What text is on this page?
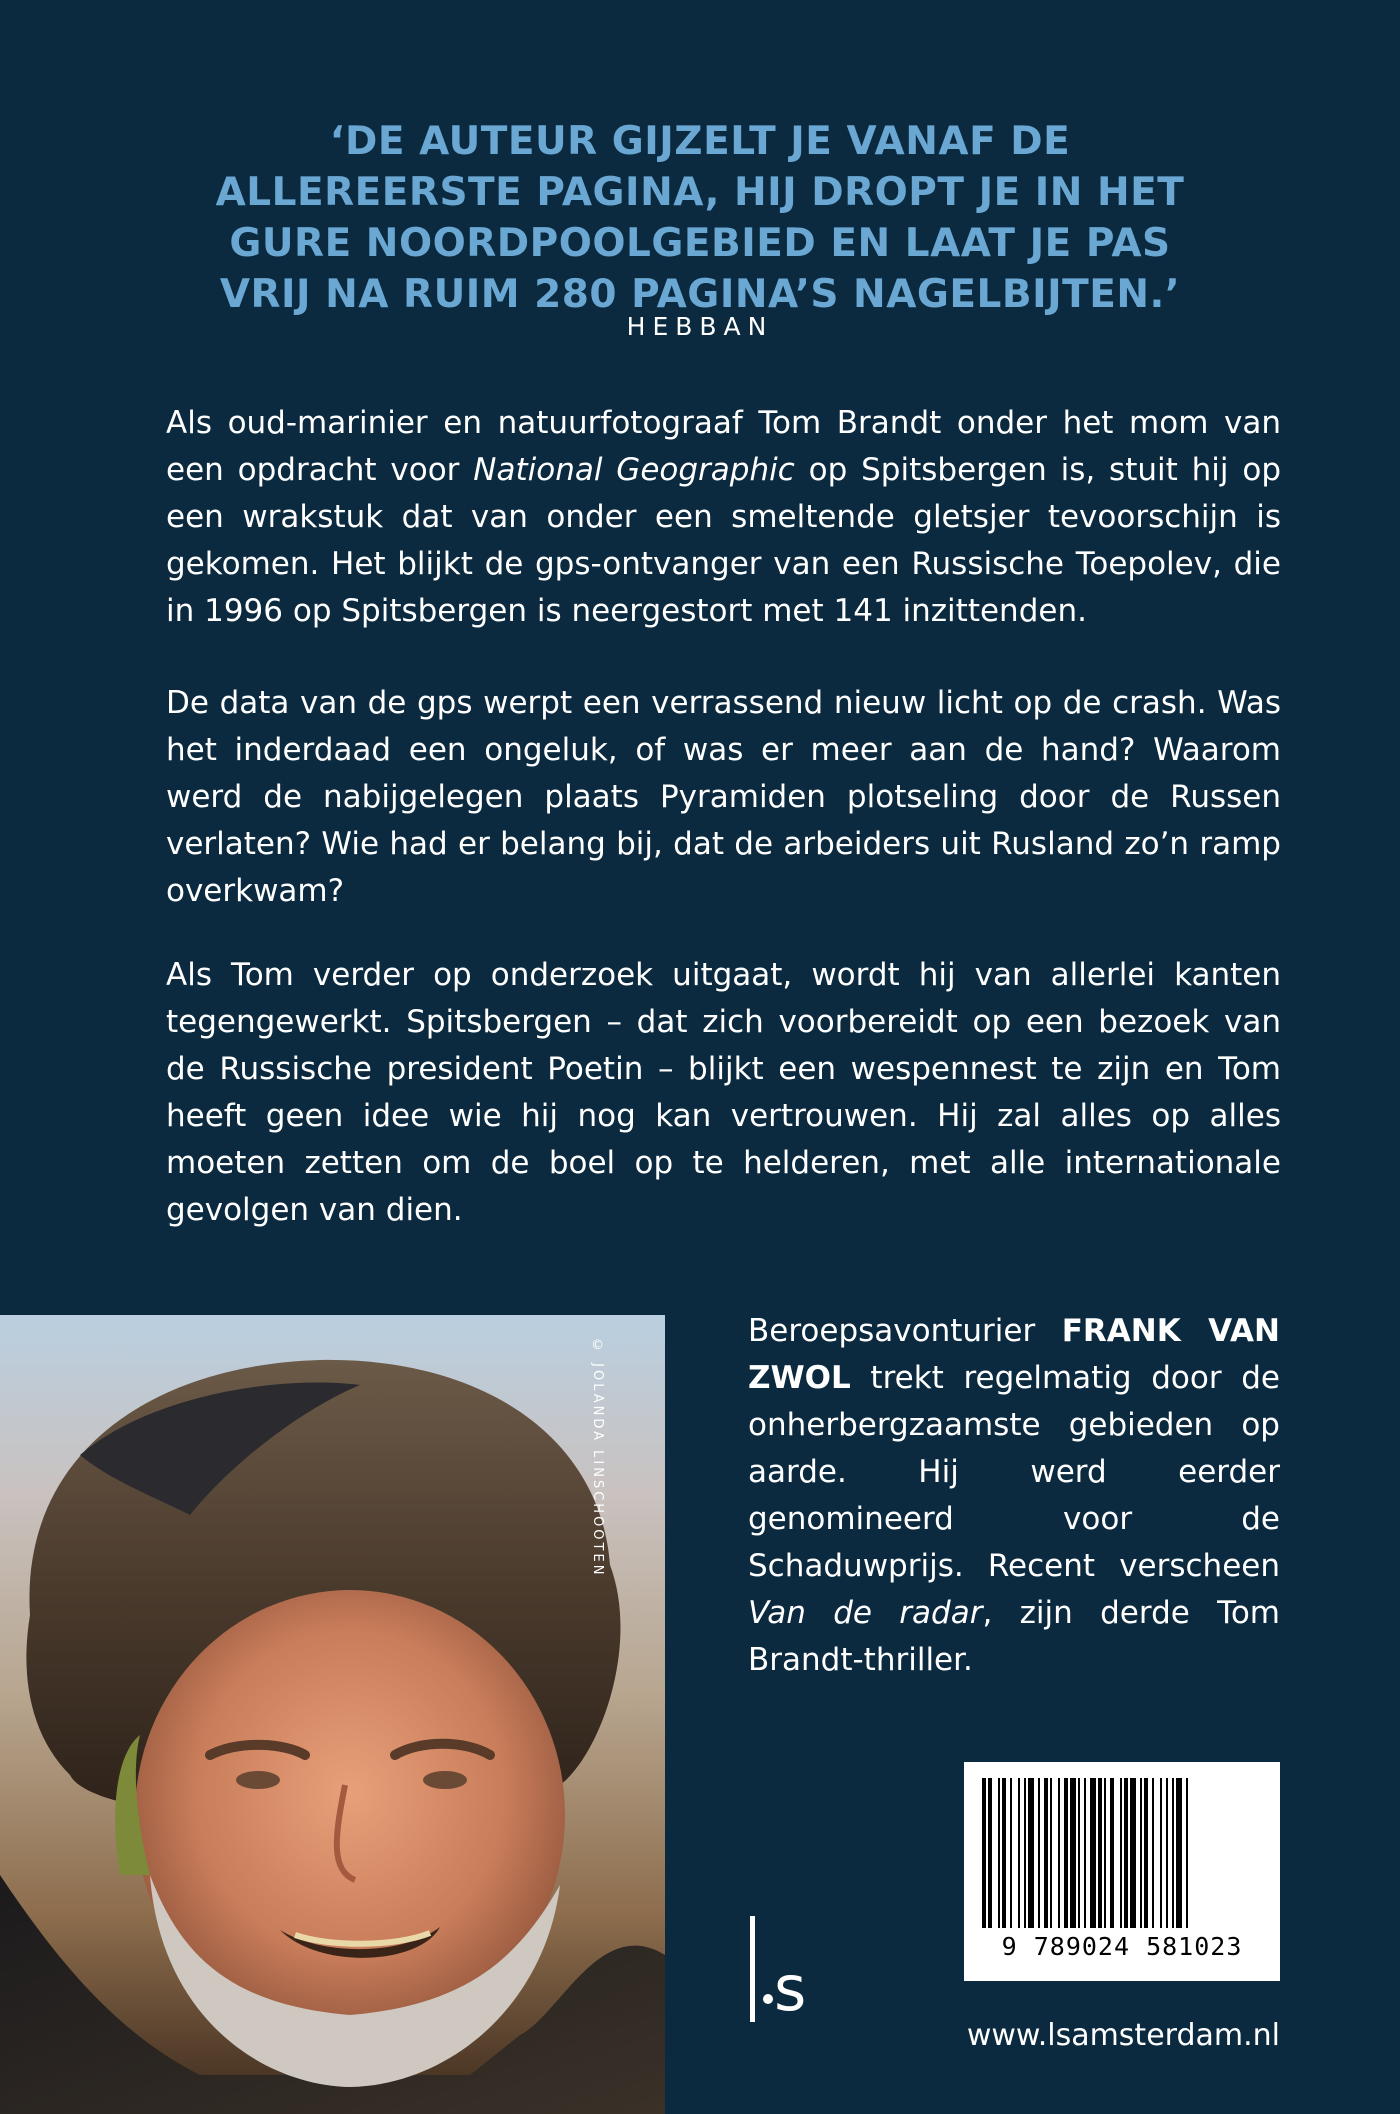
‘DE AUTEUR GIJZELT JE VANAF DE ALLEREERSTE PAGINA, HIJ DROPT JE IN HET GURE NOORDPOOLGEBIED EN LAAT JE PAS VRIJ NA RUIM 280 PAGINA’S NAGELBIJTEN.’
HEBBAN
Als oud-marinier en natuurfotograaf Tom Brandt onder het mom van een opdracht voor National Geographic op Spitsbergen is, stuit hij op een wrakstuk dat van onder een smeltende gletsjer tevoorschijn is gekomen. Het blijkt de gps-ontvanger van een Russische Toepolev, die in 1996 op Spitsbergen is neergestort met 141 inzittenden.
De data van de gps werpt een verrassend nieuw licht op de crash. Was het inderdaad een ongeluk, of was er meer aan de hand? Waarom werd de nabijgelegen plaats Pyramiden plotseling door de Russen verlaten? Wie had er belang bij, dat de arbeiders uit Rusland zo’n ramp overkwam?
Als Tom verder op onderzoek uitgaat, wordt hij van allerlei kanten tegengewerkt. Spitsbergen – dat zich voorbereidt op een bezoek van de Russische president Poetin – blijkt een wespennest te zijn en Tom heeft geen idee wie hij nog kan vertrouwen. Hij zal alles op alles moeten zetten om de boel op te helderen, met alle internationale gevolgen van dien.
© JOLANDA LINSCHOOTEN
Beroepsavonturier FRANK VAN ZWOL trekt regelmatig door de onherbergzaamste gebieden op aarde. Hij werd eerder genomineerd voor de Schaduwprijs. Recent verscheen Van de radar, zijn derde Tom Brandt-thriller.
9 789024 581023
s
www.lsamsterdam.nl
